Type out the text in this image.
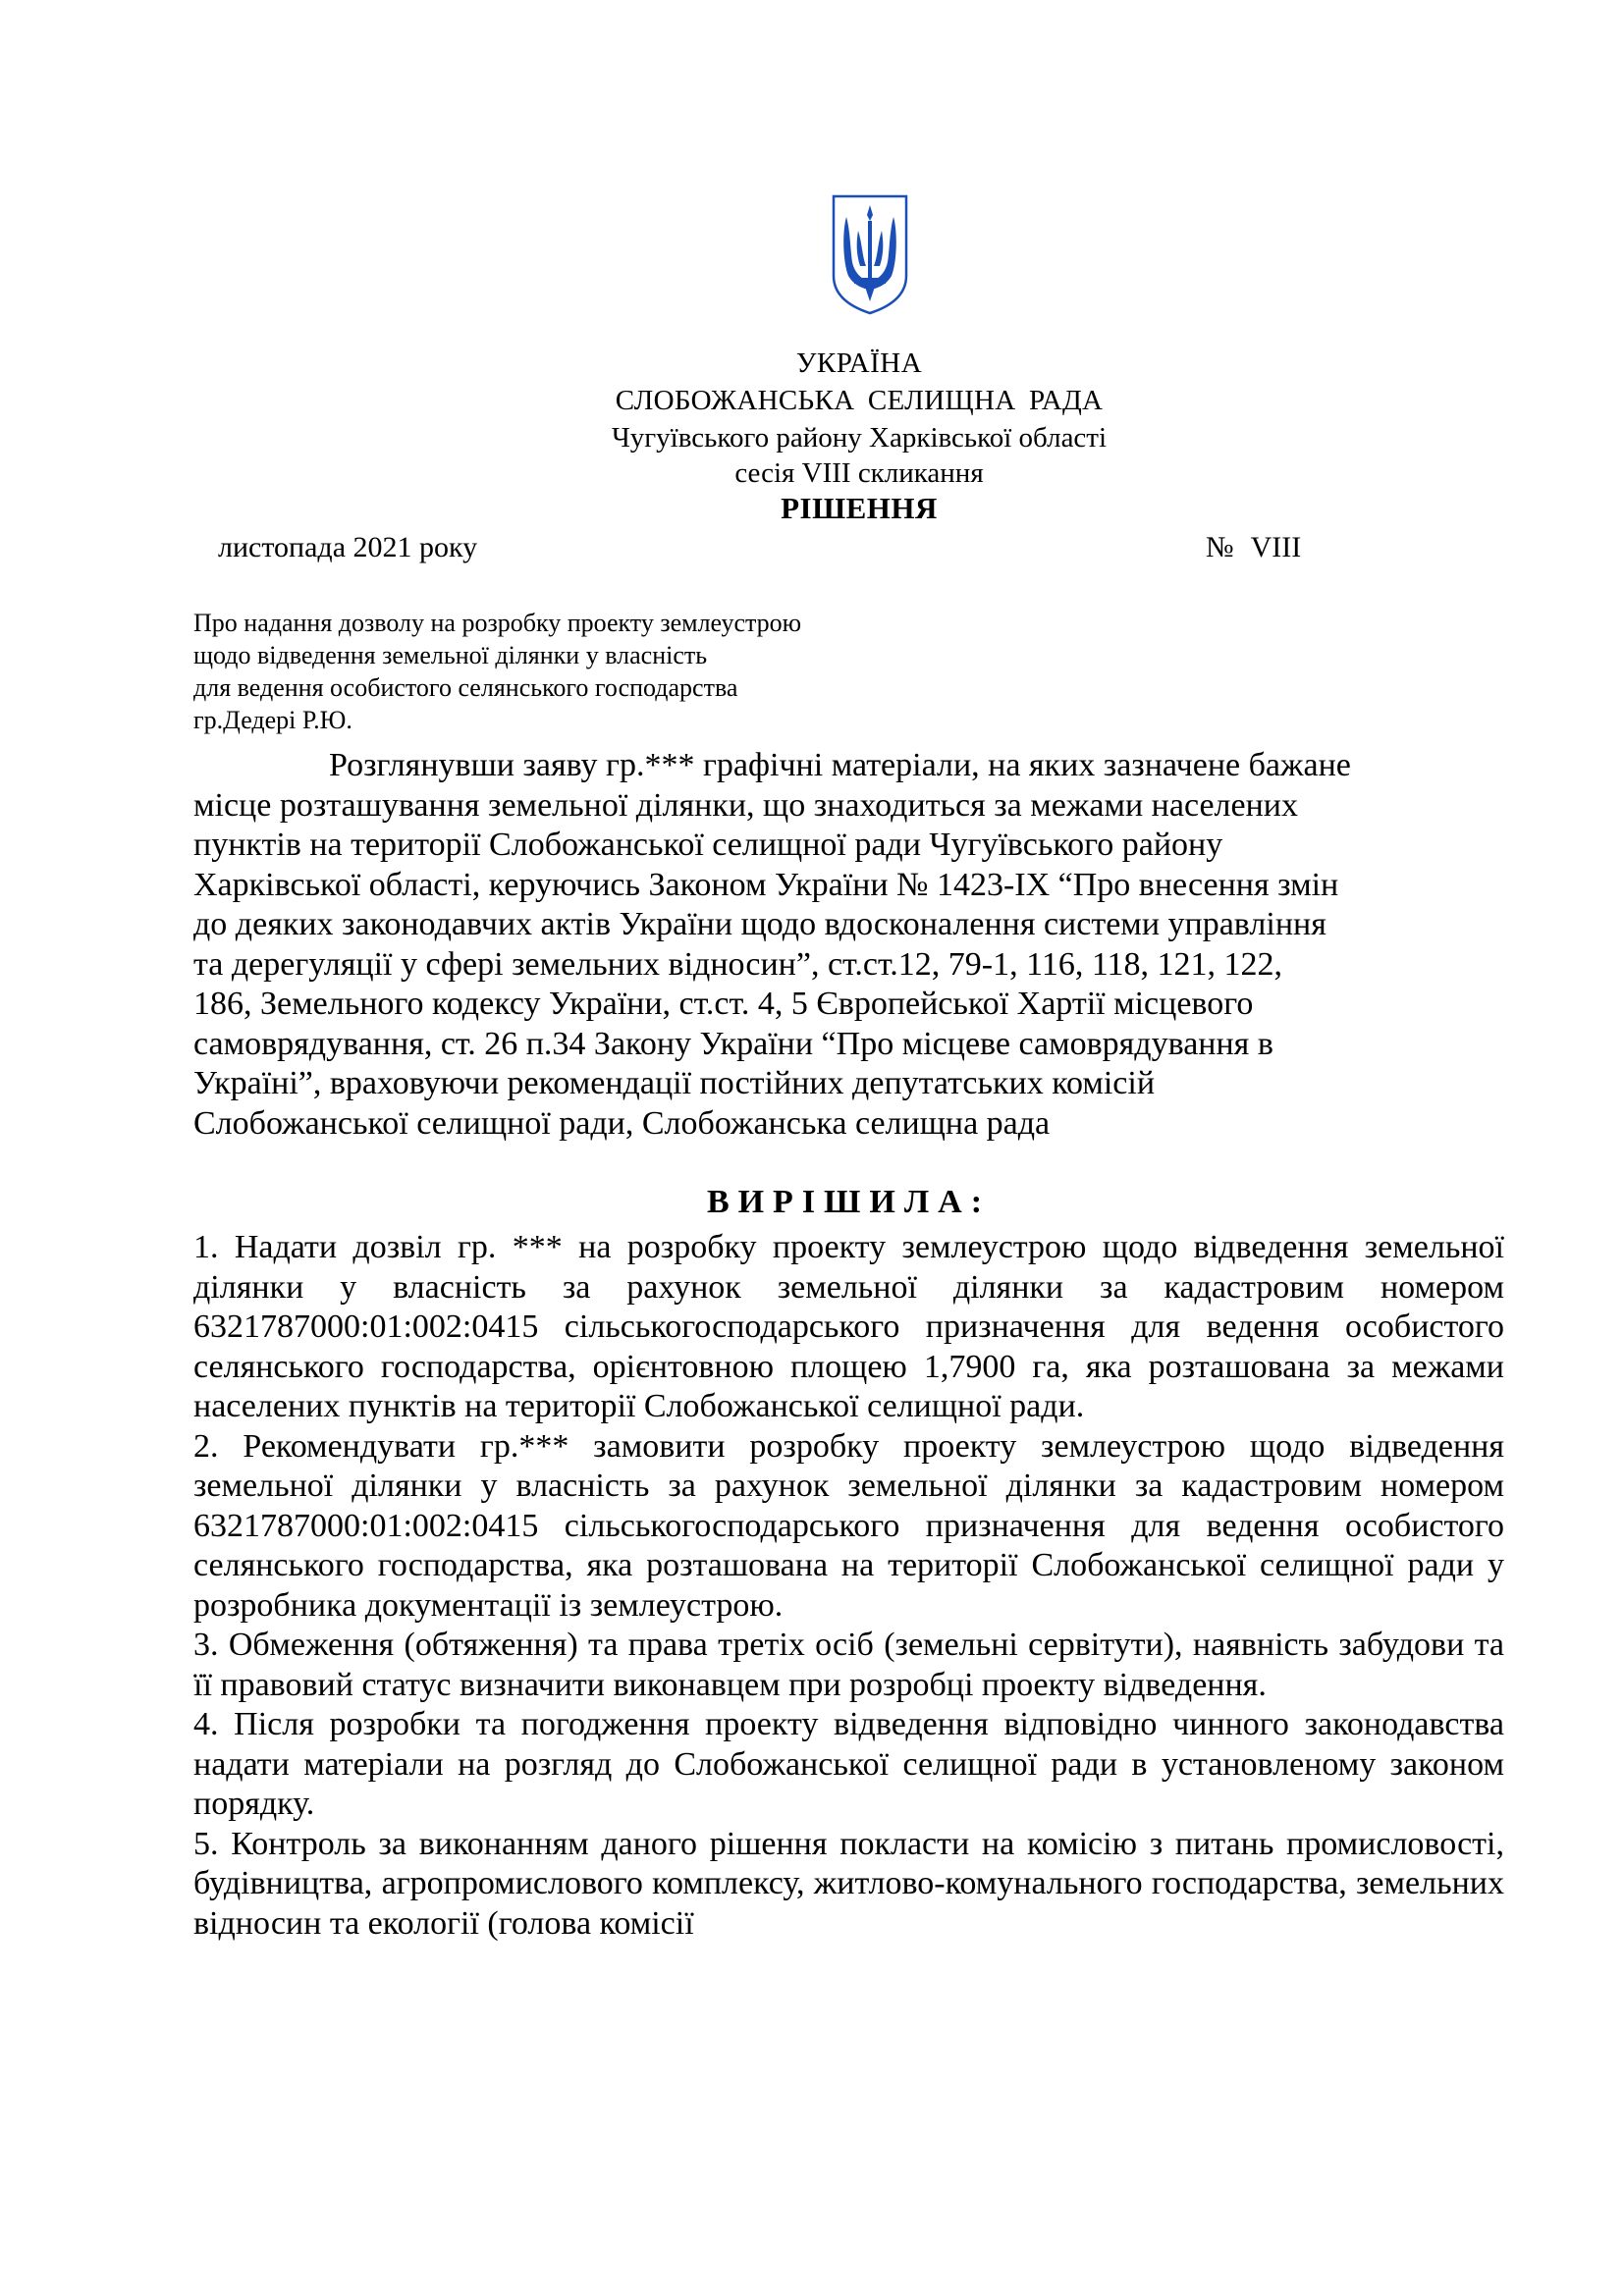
УКРАЇНА
СЛОБОЖАНСЬКА СЕЛИЩНА РАДА
Чугуївського району Харківської області
сесія VIII скликання
РІШЕННЯ
листопада 2021 року	№ VIII
Про надання дозволу на розробку проекту землеустрою
щодо відведення земельної ділянки у власність
для ведення особистого селянського господарства
гр.Дедері Р.Ю.
Розглянувши заяву гр.*** графічні матеріали, на яких зазначене бажане
місце розташування земельної ділянки, що знаходиться за межами населених
пунктів на території Слобожанської селищної ради Чугуївського району
Харківської області, керуючись Законом України № 1423-ІХ “Про внесення змін
до деяких законодавчих актів України щодо вдосконалення системи управління
та дерегуляції у сфері земельних відносин”, ст.ст.12, 79-1, 116, 118, 121, 122,
186, Земельного кодексу України, ст.ст. 4, 5 Європейської Хартії місцевого
самоврядування, ст. 26 п.34 Закону України “Про місцеве самоврядування в
Україні”, враховуючи рекомендації постійних депутатських комісій
Слобожанської селищної ради, Слобожанська селищна рада
ВИРІШИЛА:

1. Надати дозвіл гр. *** на розробку проекту землеустрою щодо відведення земельної ділянки у власність за рахунок земельної ділянки за кадастровим номером 6321787000:01:002:0415 сільськогосподарського призначення для ведення особистого селянського господарства, орієнтовною площею 1,7900 га, яка розташована за межами населених пунктів на території Слобожанської селищної ради.

2. Рекомендувати гр.*** замовити розробку проекту землеустрою щодо відведення земельної ділянки у власність за рахунок земельної ділянки за кадастровим номером 6321787000:01:002:0415 сільськогосподарського призначення для ведення особистого селянського господарства, яка розташована на території Слобожанської селищної ради у розробника документації із землеустрою.

3. Обмеження (обтяження) та права третіх осіб (земельні сервітути), наявність забудови та її правовий статус визначити виконавцем при розробці проекту відведення.

4. Після розробки та погодження проекту відведення відповідно чинного законодавства надати матеріали на розгляд до Слобожанської селищної ради в установленому законом порядку.

5. Контроль за виконанням даного рішення покласти на комісію з питань промисловості, будівництва, агропромислового комплексу, житлово-комунального господарства, земельних відносин та екології (голова комісії
